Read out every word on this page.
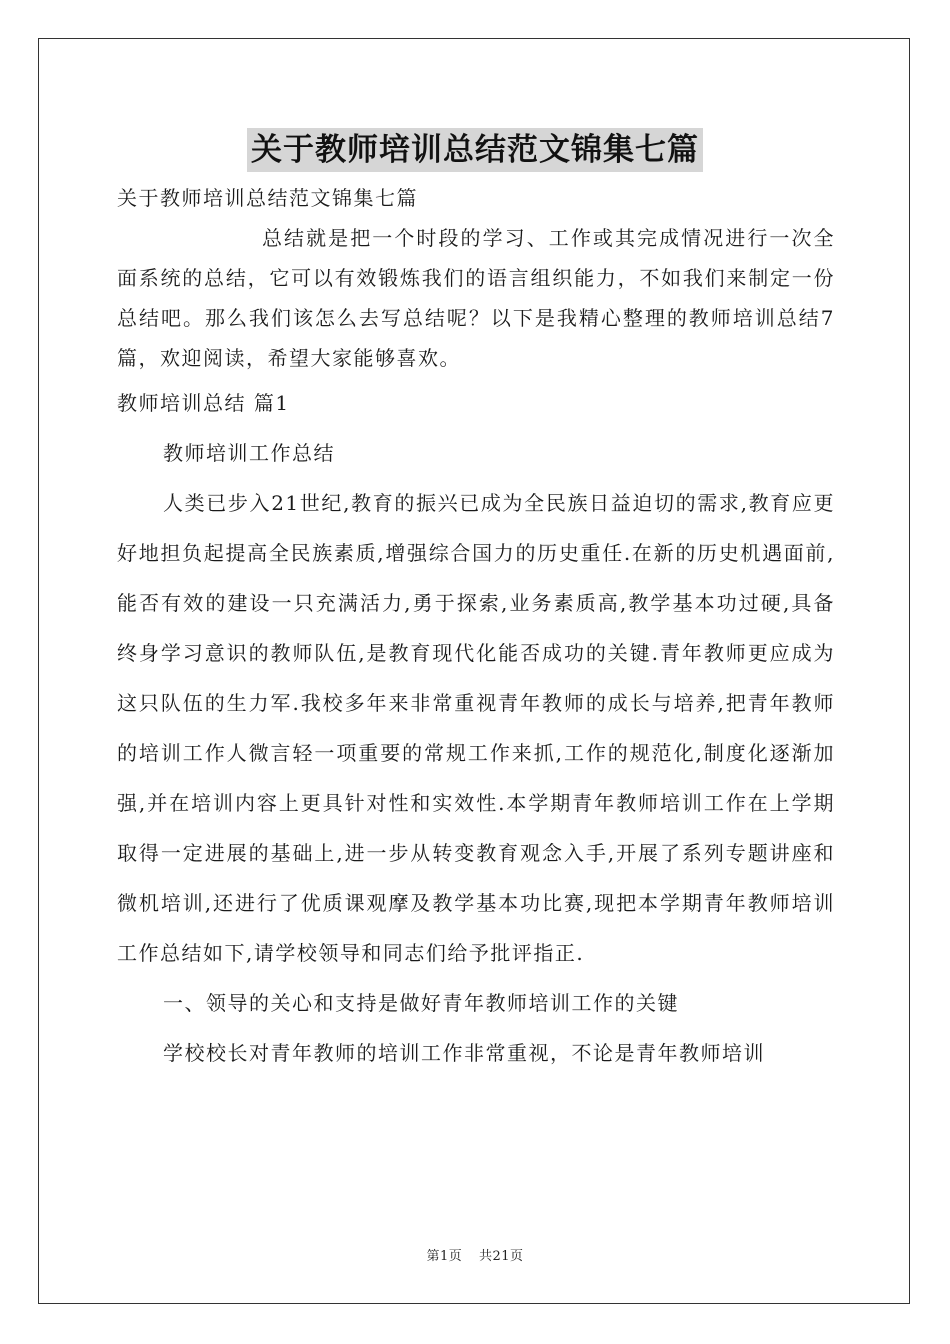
关于教师培训总结范文锦集七篇

关于教师培训总结范文锦集七篇

总结就是把一个时段的学习、工作或其完成情况进行一次全面系统的总结，它可以有效锻炼我们的语言组织能力，不如我们来制定一份总结吧。那么我们该怎么去写总结呢？以下是我精心整理的教师培训总结7篇，欢迎阅读，希望大家能够喜欢。

教师培训总结 篇1

教师培训工作总结

人类已步入21世纪,教育的振兴已成为全民族日益迫切的需求,教育应更好地担负起提高全民族素质,增强综合国力的历史重任.在新的历史机遇面前,能否有效的建设一只充满活力,勇于探索,业务素质高,教学基本功过硬,具备终身学习意识的教师队伍,是教育现代化能否成功的关键.青年教师更应成为这只队伍的生力军.我校多年来非常重视青年教师的成长与培养,把青年教师的培训工作人微言轻一项重要的常规工作来抓,工作的规范化,制度化逐渐加强,并在培训内容上更具针对性和实效性.本学期青年教师培训工作在上学期取得一定进展的基础上,进一步从转变教育观念入手,开展了系列专题讲座和微机培训,还进行了优质课观摩及教学基本功比赛,现把本学期青年教师培训工作总结如下,请学校领导和同志们给予批评指正.

一、领导的关心和支持是做好青年教师培训工作的关键

学校校长对青年教师的培训工作非常重视，不论是青年教师培训

第1页 共21页
